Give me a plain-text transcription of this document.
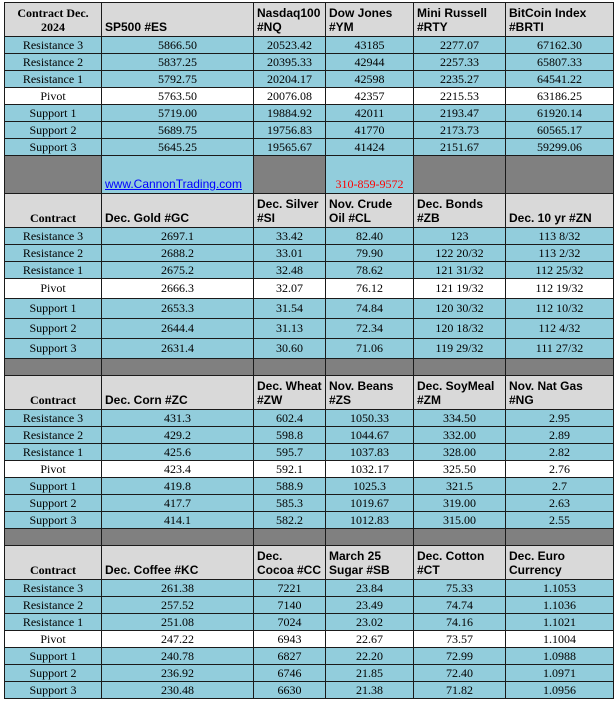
Contract Dec. 2024	SP500 #ES	Nasdaq100 #NQ	Dow Jones #YM	Mini Russell #RTY	BitCoin Index #BRTI
Resistance 3	5866.50	20523.42	43185	2277.07	67162.30
Resistance 2	5837.25	20395.33	42944	2257.33	65807.33
Resistance 1	5792.75	20204.17	42598	2235.27	64541.22
Pivot	5763.50	20076.08	42357	2215.53	63186.25
Support 1	5719.00	19884.92	42011	2193.47	61920.14
Support 2	5689.75	19756.83	41770	2173.73	60565.17
Support 3	5645.25	19565.67	41424	2151.67	59299.06
	www.CannonTrading.com		310-859-9572		
Contract	Dec. Gold #GC	Dec. Silver #SI	Nov. Crude Oil #CL	Dec. Bonds #ZB	Dec. 10 yr #ZN
Resistance 3	2697.1	33.42	82.40	123	113 8/32
Resistance 2	2688.2	33.01	79.90	122 20/32	113 2/32
Resistance 1	2675.2	32.48	78.62	121 31/32	112 25/32
Pivot	2666.3	32.07	76.12	121 19/32	112 19/32
Support 1	2653.3	31.54	74.84	120 30/32	112 10/32
Support 2	2644.4	31.13	72.34	120 18/32	112 4/32
Support 3	2631.4	30.60	71.06	119 29/32	111 27/32

Contract	Dec. Corn #ZC	Dec. Wheat #ZW	Nov. Beans #ZS	Dec. SoyMeal #ZM	Nov. Nat Gas #NG
Resistance 3	431.3	602.4	1050.33	334.50	2.95
Resistance 2	429.2	598.8	1044.67	332.00	2.89
Resistance 1	425.6	595.7	1037.83	328.00	2.82
Pivot	423.4	592.1	1032.17	325.50	2.76
Support 1	419.8	588.9	1025.3	321.5	2.7
Support 2	417.7	585.3	1019.67	319.00	2.63
Support 3	414.1	582.2	1012.83	315.00	2.55

Contract	Dec. Coffee #KC	Dec. Cocoa #CC	March 25 Sugar #SB	Dec. Cotton #CT	Dec. Euro Currency
Resistance 3	261.38	7221	23.84	75.33	1.1053
Resistance 2	257.52	7140	23.49	74.74	1.1036
Resistance 1	251.08	7024	23.02	74.16	1.1021
Pivot	247.22	6943	22.67	73.57	1.1004
Support 1	240.78	6827	22.20	72.99	1.0988
Support 2	236.92	6746	21.85	72.40	1.0971
Support 3	230.48	6630	21.38	71.82	1.0956
